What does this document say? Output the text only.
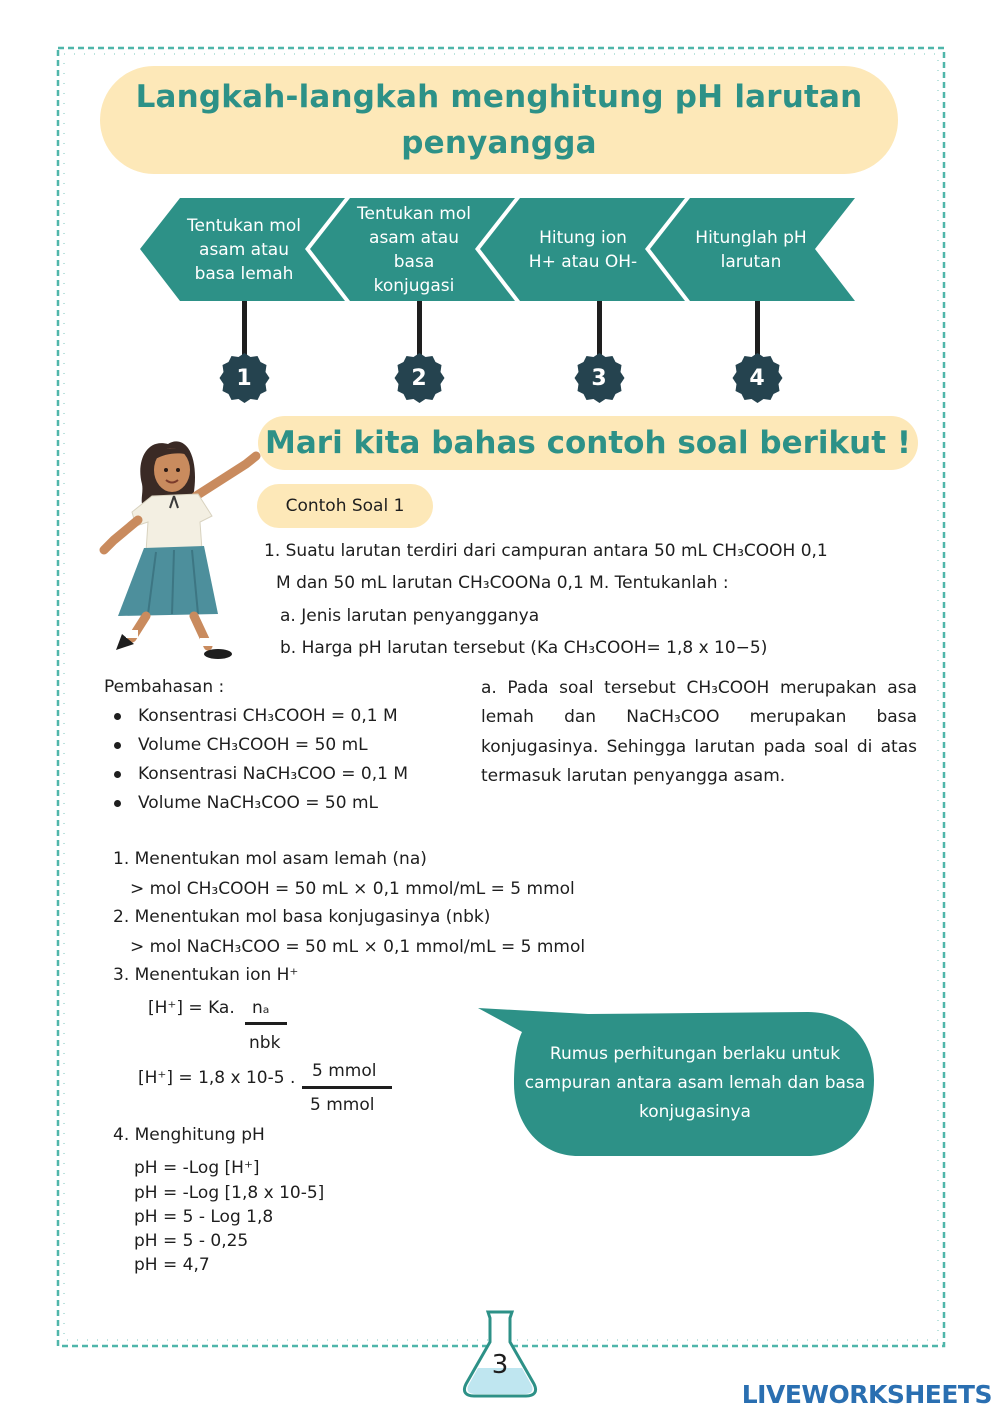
Langkah-langkah menghitung pH larutan penyangga
Tentukan mol asam atau basa lemah
Tentukan mol asam atau basa konjugasi
Hitung ion H+ atau OH-
Hitunglah pH larutan
1	2	3	4
Mari kita bahas contoh soal berikut !
Contoh Soal 1
1. Suatu larutan terdiri dari campuran antara 50 mL CH₃COOH 0,1
M dan 50 mL larutan CH₃COONa 0,1 M. Tentukanlah :
a. Jenis larutan penyangganya
b. Harga pH larutan tersebut (Ka CH₃COOH= 1,8 x 10−5)
Pembahasan :
Konsentrasi CH₃COOH = 0,1 M
Volume CH₃COOH = 50 mL
Konsentrasi NaCH₃COO = 0,1 M
Volume NaCH₃COO = 50 mL
a. Pada soal tersebut CH₃COOH merupakan asa lemah dan NaCH₃COO merupakan basa konjugasinya. Sehingga larutan pada soal di atas termasuk larutan penyangga asam.
1. Menentukan mol asam lemah (na)
> mol CH₃COOH = 50 mL × 0,1 mmol/mL = 5 mmol
2. Menentukan mol basa konjugasinya (nbk)
> mol NaCH₃COO = 50 mL × 0,1 mmol/mL = 5 mmol
3. Menentukan ion H⁺
[H⁺] = Ka. nₐ
nbk
[H⁺] = 1,8 x 10-5 . 5 mmol
5 mmol
4. Menghitung pH
pH = -Log [H⁺]
pH = -Log [1,8 x 10-5]
pH = 5 - Log 1,8
pH = 5 - 0,25
pH = 4,7
Rumus perhitungan berlaku untuk campuran antara asam lemah dan basa konjugasinya
3
LIVEWORKSHEETS
